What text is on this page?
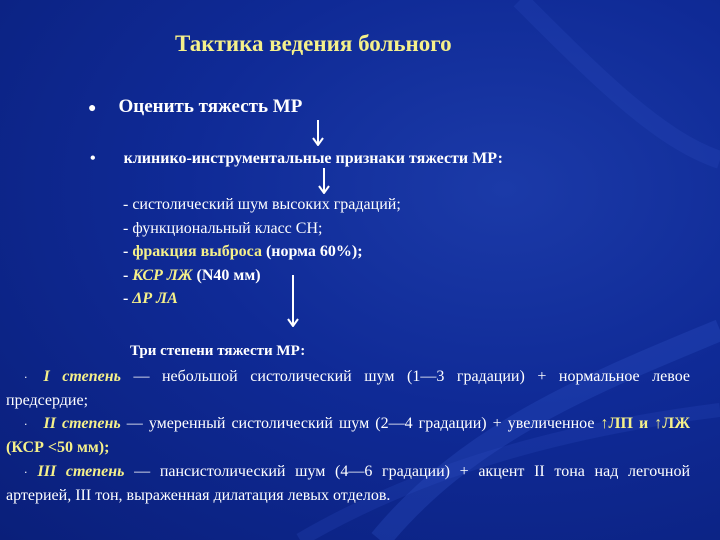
Тактика ведения больного
● Оценить тяжесть МР
• клинико-инструментальные признаки тяжести МР:
- систолический шум высоких градаций;
- функциональный класс СН;
- фракция выброса (норма 60%);
- КСР ЛЖ (N40 мм)
- ΔР ЛА
Три степени тяжести МР:
· I степень — небольшой систолический шум (1—3 градации) + нормальное левое предсердие;
· II степень — умеренный систолический шум (2—4 градации) + увеличенное ↑ЛП и ↑ЛЖ (КСР <50 мм);
· III степень — пансистолический шум (4—6 градации) + акцент II тона над легочной артерией, III тон, выраженная дилатация левых отделов.
